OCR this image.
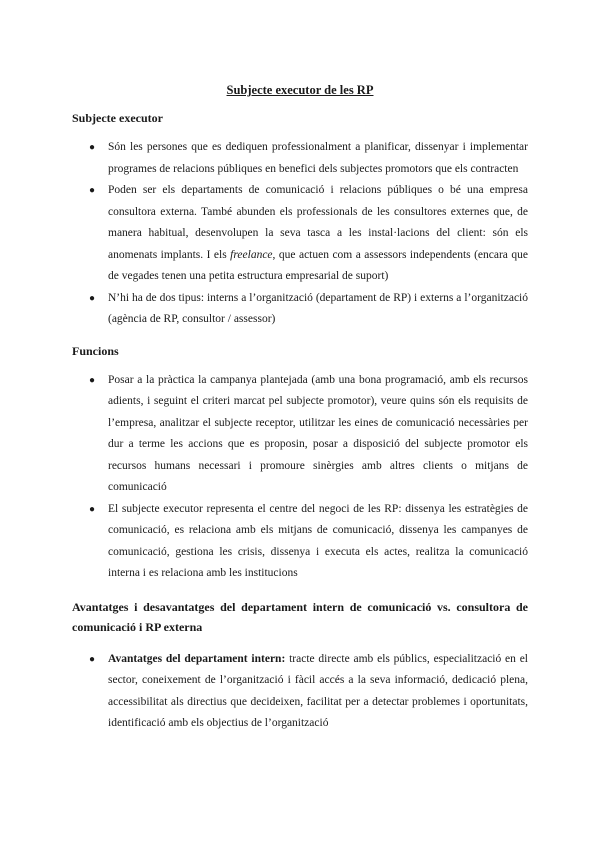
Subjecte executor de les RP
Subjecte executor
● Són les persones que es dediquen professionalment a planificar, dissenyar i implementar programes de relacions públiques en benefici dels subjectes promotors que els contracten
● Poden ser els departaments de comunicació i relacions públiques o bé una empresa consultora externa. També abunden els professionals de les consultores externes que, de manera habitual, desenvolupen la seva tasca a les instal·lacions del client: són els anomenats implants. I els freelance, que actuen com a assessors independents (encara que de vegades tenen una petita estructura empresarial de suport)
● N’hi ha de dos tipus: interns a l’organització (departament de RP) i externs a l’organització (agència de RP, consultor / assessor)
Funcions
● Posar a la pràctica la campanya plantejada (amb una bona programació, amb els recursos adients, i seguint el criteri marcat pel subjecte promotor), veure quins són els requisits de l’empresa, analitzar el subjecte receptor, utilitzar les eines de comunicació necessàries per dur a terme les accions que es proposin, posar a disposició del subjecte promotor els recursos humans necessari i promoure sinèrgies amb altres clients o mitjans de comunicació
● El subjecte executor representa el centre del negoci de les RP: dissenya les estratègies de comunicació, es relaciona amb els mitjans de comunicació, dissenya les campanyes de comunicació, gestiona les crisis, dissenya i executa els actes, realitza la comunicació interna i es relaciona amb les institucions
Avantatges i desavantatges del departament intern de comunicació vs. consultora de comunicació i RP externa
● Avantatges del departament intern: tracte directe amb els públics, especialització en el sector, coneixement de l’organització i fàcil accés a la seva informació, dedicació plena, accessibilitat als directius que decideixen, facilitat per a detectar problemes i oportunitats, identificació amb els objectius de l’organització
